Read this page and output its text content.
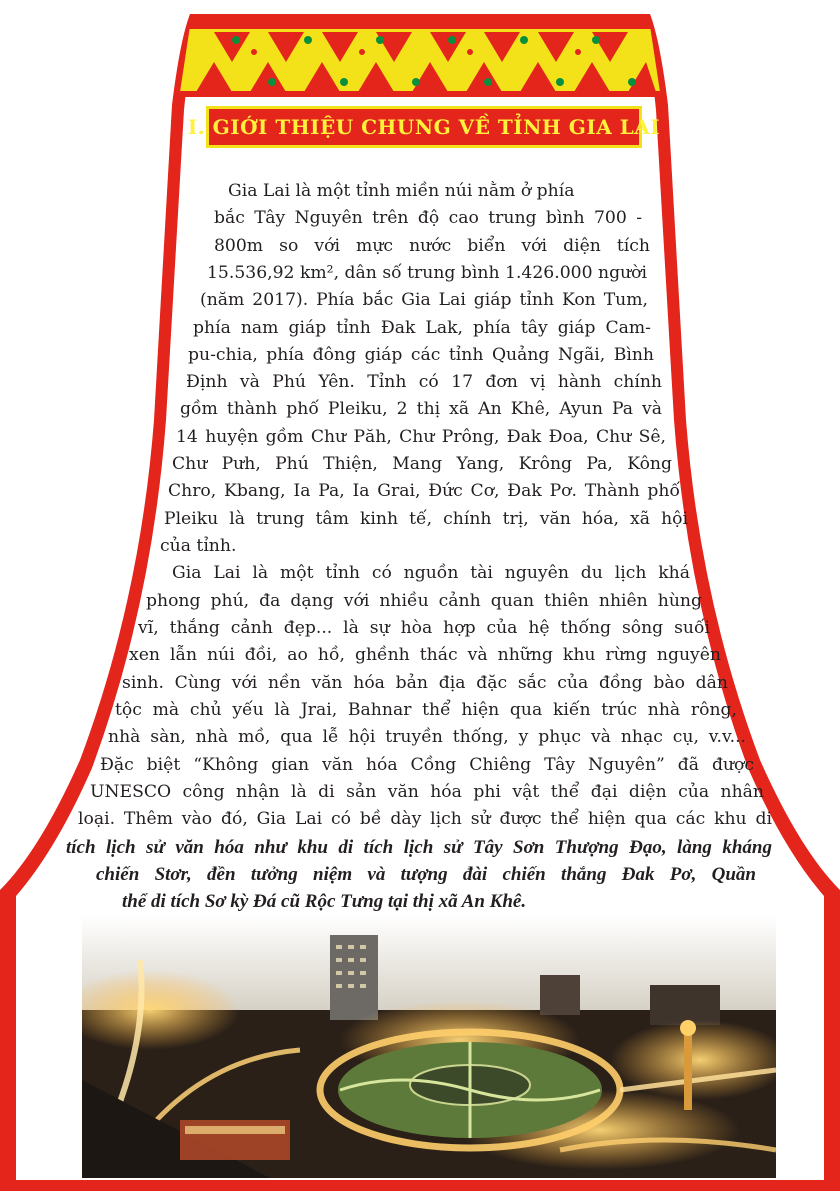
I. GIỚI THIỆU CHUNG VỀ TỈNH GIA LAI
Gia Lai là một tỉnh miền núi nằm ở phía
bắc Tây Nguyên trên độ cao trung bình 700 -
800m so với mực nước biển với diện tích
15.536,92 km², dân số trung bình 1.426.000 người
(năm 2017). Phía bắc Gia Lai giáp tỉnh Kon Tum,
phía nam giáp tỉnh Đak Lak, phía tây giáp Cam-
pu-chia, phía đông giáp các tỉnh Quảng Ngãi, Bình
Định và Phú Yên. Tỉnh có 17 đơn vị hành chính
gồm thành phố Pleiku, 2 thị xã An Khê, Ayun Pa và
14 huyện gồm Chư Păh, Chư Prông, Đak Đoa, Chư Sê,
Chư Pưh, Phú Thiện, Mang Yang, Krông Pa, Kông
Chro, Kbang, Ia Pa, Ia Grai, Đức Cơ, Đak Pơ. Thành phố
Pleiku là trung tâm kinh tế, chính trị, văn hóa, xã hội
của tỉnh.
Gia Lai là một tỉnh có nguồn tài nguyên du lịch khá
phong phú, đa dạng với nhiều cảnh quan thiên nhiên hùng
vĩ, thắng cảnh đẹp... là sự hòa hợp của hệ thống sông suối
xen lẫn núi đồi, ao hồ, ghềnh thác và những khu rừng nguyên
sinh. Cùng với nền văn hóa bản địa đặc sắc của đồng bào dân
tộc mà chủ yếu là Jrai, Bahnar thể hiện qua kiến trúc nhà rông,
nhà sàn, nhà mồ, qua lễ hội truyền thống, y phục và nhạc cụ, v.v...
Đặc biệt “Không gian văn hóa Cồng Chiêng Tây Nguyên” đã được
UNESCO công nhận là di sản văn hóa phi vật thể đại diện của nhân
loại. Thêm vào đó, Gia Lai có bề dày lịch sử được thể hiện qua các khu di
tích lịch sử văn hóa như khu di tích lịch sử Tây Sơn Thượng Đạo, làng kháng
chiến Stơr, đền tưởng niệm và tượng đài chiến thắng Đak Pơ, Quần
thể di tích Sơ kỳ Đá cũ Rộc Tưng tại thị xã An Khê.
